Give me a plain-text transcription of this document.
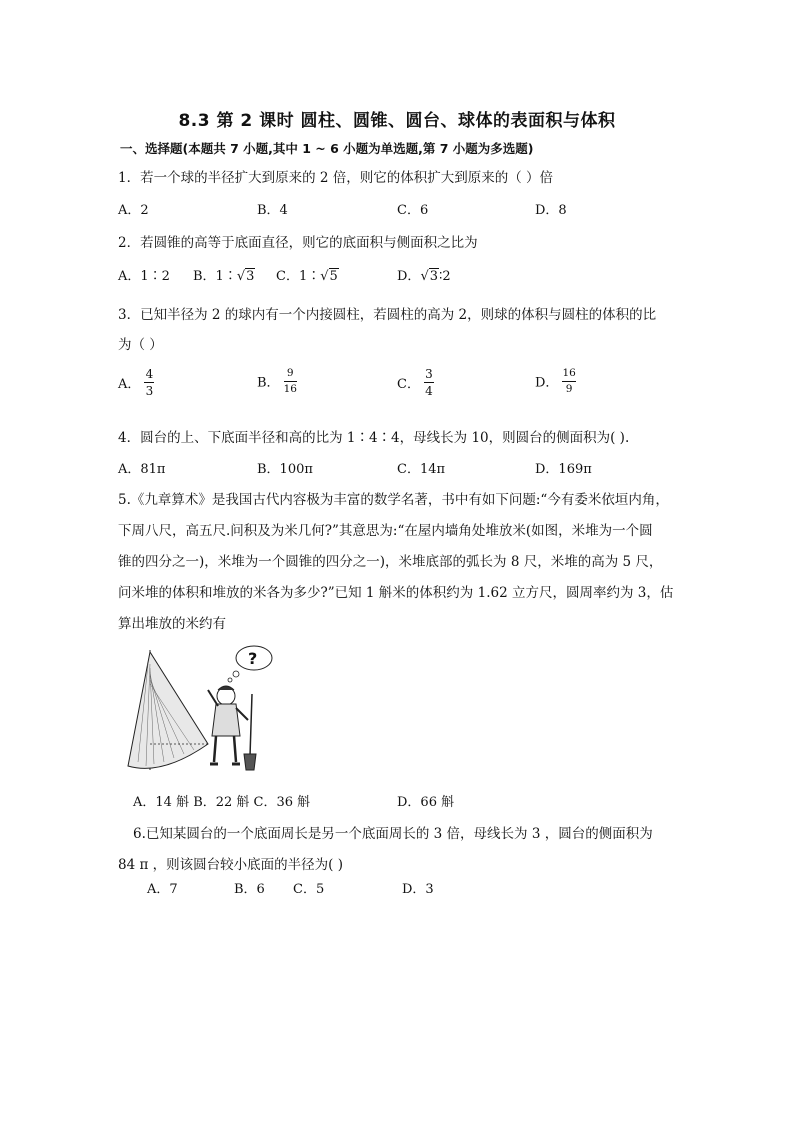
8.3 第 2 课时 圆柱、圆锥、圆台、球体的表面积与体积
一、选择题(本题共 7 小题,其中 1 ~ 6 小题为单选题,第 7 小题为多选题)
1．若一个球的半径扩大到原来的 2 倍，则它的体积扩大到原来的（ ）倍
A．2	B．4	C．6	D．8
2．若圆锥的高等于底面直径，则它的底面积与侧面积之比为
A．1∶2 B．1∶√3 C．1∶√5	D．√3∶2
3．已知半径为 2 的球内有一个内接圆柱，若圆柱的高为 2，则球的体积与圆柱的体积的比
为（ ）
A． $\frac{4}{3}$	B． $\frac{9}{16}$	C． $\frac{3}{4}$	D． $\frac{16}{9}$
4．圆台的上、下底面半径和高的比为 1∶4∶4，母线长为 10，则圆台的侧面积为( ).
A．81π	B．100π	C．14π	D．169π
5.《九章算术》是我国古代内容极为丰富的数学名著，书中有如下问题:“今有委米依垣内角，
下周八尺，高五尺.问积及为米几何?”其意思为:“在屋内墙角处堆放米(如图，米堆为一个圆
锥的四分之一)，米堆为一个圆锥的四分之一)，米堆底部的弧长为 8 尺，米堆的高为 5 尺，
问米堆的体积和堆放的米各为多少?”已知 1 斛米的体积约为 1.62 立方尺，圆周率约为 3，估
算出堆放的米约有
?
A．14 斛 B．22 斛 C．36 斛	D．66 斛
6.已知某圆台的一个底面周长是另一个底面周长的 3 倍，母线长为 3 ，圆台的侧面积为
84 π ，则该圆台较小底面的半径为( )
A．7	B．6 C．5	D．3
